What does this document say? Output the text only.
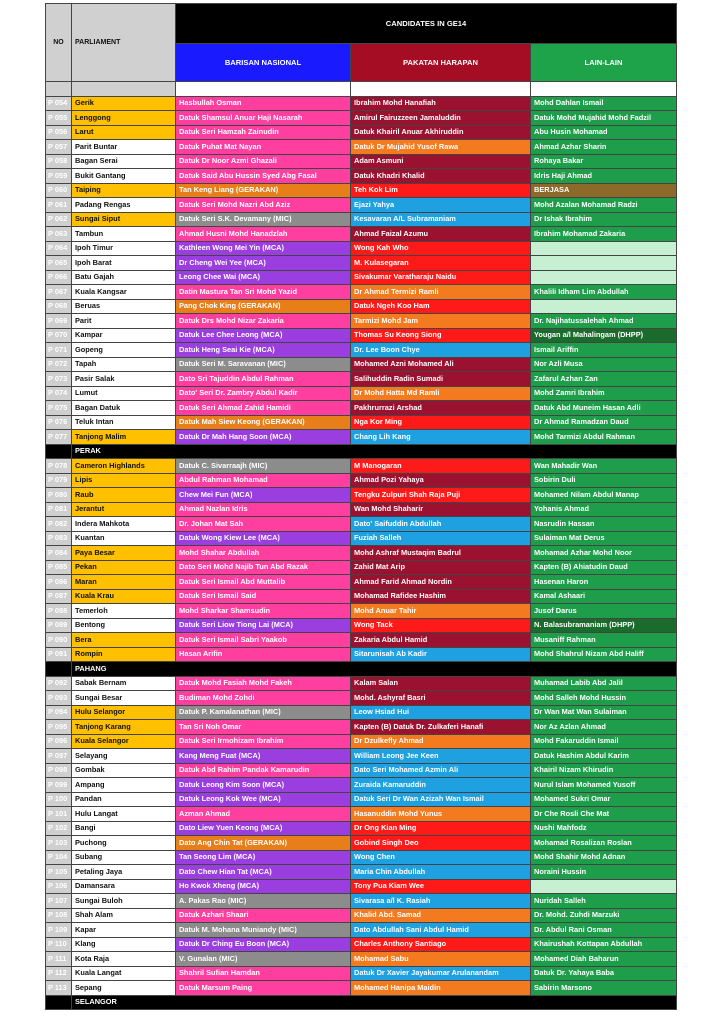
NO	PARLIAMENT	CANDIDATES IN GE14		
		BARISAN NASIONAL	PAKATAN HARAPAN	LAIN-LAIN

P 054	Gerik	Hasbullah Osman	Ibrahim Mohd Hanafiah	Mohd Dahlan Ismail
P 055	Lenggong	Datuk Shamsul Anuar Haji Nasarah	Amirul Fairuzzeen Jamaluddin	Datuk Mohd Mujahid Mohd Fadzil
P 056	Larut	Datuk Seri Hamzah Zainudin	Datuk Khairil Anuar Akhiruddin	Abu Husin Mohamad
P 057	Parit Buntar	Datuk Puhat Mat Nayan	Datuk Dr Mujahid Yusof Rawa	Ahmad Azhar Sharin
P 058	Bagan Serai	Datuk Dr Noor Azmi Ghazali	Adam Asmuni	Rohaya Bakar
P 059	Bukit Gantang	Datuk Said Abu Hussin Syed Abg Fasal	Datuk Khadri Khalid	Idris Haji Ahmad
P 060	Taiping	Tan Keng Liang (GERAKAN)	Teh Kok Lim	BERJASA
P 061	Padang Rengas	Datuk Seri Mohd Nazri Abd Aziz	Ejazi Yahya	Mohd Azalan Mohamad Radzi
P 062	Sungai Siput	Datuk Seri S.K. Devamany (MIC)	Kesavaran A/L Subramaniam	Dr Ishak Ibrahim
P 063	Tambun	Ahmad Husni Mohd Hanadzlah	Ahmad Faizal Azumu	Ibrahim Mohamad Zakaria
P 064	Ipoh Timur	Kathleen Wong Mei Yin (MCA)	Wong Kah Who	
P 065	Ipoh Barat	Dr Cheng Wei Yee (MCA)	M. Kulasegaran	
P 066	Batu Gajah	Leong Chee Wai (MCA)	Sivakumar Varatharaju Naidu	
P 067	Kuala Kangsar	Datin Mastura Tan Sri Mohd Yazid	Dr Ahmad Termizi Ramli	Khalili Idham Lim Abdullah
P 068	Beruas	Pang Chok King (GERAKAN)	Datuk Ngeh Koo Ham	
P 069	Parit	Datuk Drs Mohd Nizar Zakaria	Tarmizi Mohd Jam	Dr. Najihatussalehah Ahmad
P 070	Kampar	Datuk Lee Chee Leong (MCA)	Thomas Su Keong Siong	Yougan a/l Mahalingam (DHPP)
P 071	Gopeng	Datuk Heng Seai Kie (MCA)	Dr. Lee Boon Chye	Ismail Ariffin
P 072	Tapah	Datuk Seri M. Saravanan (MIC)	Mohamed Azni Mohamed Ali	Nor Azli Musa
P 073	Pasir Salak	Dato Sri Tajuddin Abdul Rahman	Salihuddin Radin Sumadi	Zafarul Azhan Zan
P 074	Lumut	Dato' Seri Dr. Zambry Abdul Kadir	Dr Mohd Hatta Md Ramli	Mohd Zamri Ibrahim
P 075	Bagan Datuk	Datuk Seri Ahmad Zahid Hamidi	Pakhrurrazi Arshad	Datuk Abd Muneim Hasan Adli
P 076	Teluk Intan	Datuk Mah Siew Keong (GERAKAN)	Nga Kor Ming	Dr Ahmad Ramadzan Daud
P 077	Tanjong Malim	Datuk Dr Mah Hang Soon (MCA)	Chang Lih Kang	Mohd Tarmizi Abdul Rahman
	PERAK			
P 078	Cameron Highlands	Datuk C. Sivarraajh (MIC)	M Manogaran	Wan Mahadir Wan
P 079	Lipis	Abdul Rahman Mohamad	Ahmad Pozi Yahaya	Sobirin Duli
P 080	Raub	Chew Mei Fun (MCA)	Tengku Zulpuri Shah Raja Puji	Mohamed Nilam Abdul Manap
P 081	Jerantut	Ahmad Nazlan Idris	Wan Mohd Shaharir	Yohanis Ahmad
P 082	Indera Mahkota	Dr. Johan Mat Sah	Dato' Saifuddin Abdullah	Nasrudin Hassan
P 083	Kuantan	Datuk Wong Kiew Lee (MCA)	Fuziah Salleh	Sulaiman Mat Derus
P 084	Paya Besar	Mohd Shahar Abdullah	Mohd Ashraf Mustaqim Badrul	Mohamad Azhar Mohd Noor
P 085	Pekan	Dato Seri Mohd Najib Tun Abd Razak	Zahid Mat Arip	Kapten (B) Ahiatudin Daud
P 086	Maran	Datuk Seri Ismail Abd Muttalib	Ahmad Farid Ahmad Nordin	Hasenan Haron
P 087	Kuala Krau	Datuk Seri Ismail Said	Mohamad Rafidee Hashim	Kamal Ashaari
P 088	Temerloh	Mohd Sharkar Shamsudin	Mohd Anuar Tahir	Jusof Darus
P 089	Bentong	Datuk Seri Liow Tiong Lai (MCA)	Wong Tack	N. Balasubramaniam (DHPP)
P 090	Bera	Datuk Seri Ismail Sabri Yaakob	Zakaria Abdul Hamid	Musaniff Rahman
P 091	Rompin	Hasan Arifin	Sitarunisah Ab Kadir	Mohd Shahrul Nizam Abd Haliff
	PAHANG			
P 092	Sabak Bernam	Datuk Mohd Fasiah Mohd Fakeh	Kalam Salan	Muhamad Labib Abd Jalil
P 093	Sungai Besar	Budiman Mohd Zohdi	Mohd. Ashyraf Basri	Mohd Salleh Mohd Hussin
P 094	Hulu Selangor	Datuk P. Kamalanathan (MIC)	Leow Hsiad Hui	Dr Wan Mat Wan Sulaiman
P 095	Tanjong Karang	Tan Sri Noh Omar	Kapten (B) Datuk Dr. Zulkaferi Hanafi	Nor Az Azlan Ahmad
P 096	Kuala Selangor	Datuk Seri Irmohizam Ibrahim	Dr Dzulkefly Ahmad	Mohd Fakaruddin Ismail
P 097	Selayang	Kang Meng Fuat (MCA)	William Leong Jee Keen	Datuk Hashim Abdul Karim
P 098	Gombak	Datuk Abd Rahim Pandak Kamarudin	Dato Seri Mohamed Azmin Ali	Khairil Nizam Khirudin
P 099	Ampang	Datuk Leong Kim Soon (MCA)	Zuraida Kamaruddin	Nurul Islam Mohamed Yusoff
P 100	Pandan	Datuk Leong Kok Wee (MCA)	Datuk Seri Dr Wan Azizah Wan Ismail	Mohamed Sukri Omar
P 101	Hulu Langat	Azman Ahmad	Hasanuddin Mohd Yunus	Dr Che Rosli Che Mat
P 102	Bangi	Dato Liew Yuen Keong (MCA)	Dr Ong Kian Ming	Nushi Mahfodz
P 103	Puchong	Dato Ang Chin Tat (GERAKAN)	Gobind Singh Deo	Mohamad Rosalizan Roslan
P 104	Subang	Tan Seong Lim (MCA)	Wong Chen	Mohd Shahir Mohd Adnan
P 105	Petaling Jaya	Dato Chew Hian Tat (MCA)	Maria Chin Abdullah	Noraini Hussin
P 106	Damansara	Ho Kwok Xheng (MCA)	Tony Pua Kiam Wee	
P 107	Sungai Buloh	A. Pakas Rao (MIC)	Sivarasa a/l K. Rasiah	Nuridah Salleh
P 108	Shah Alam	Datuk Azhari Shaari	Khalid Abd. Samad	Dr. Mohd. Zuhdi Marzuki
P 109	Kapar	Datuk M. Mohana Muniandy (MIC)	Dato Abdullah Sani Abdul Hamid	Dr. Abdul Rani Osman
P 110	Klang	Datuk Dr Ching Eu Boon (MCA)	Charles Anthony Santiago	Khairushah Kottapan Abdullah
P 111	Kota Raja	V. Gunalan (MIC)	Mohamad Sabu	Mohamed Diah Baharun
P 112	Kuala Langat	Shahril Sufian Hamdan	Datuk Dr Xavier Jayakumar Arulanandam	Datuk Dr. Yahaya Baba
P 113	Sepang	Datuk Marsum Paing	Mohamed Hanipa Maidin	Sabirin Marsono
	SELANGOR			
